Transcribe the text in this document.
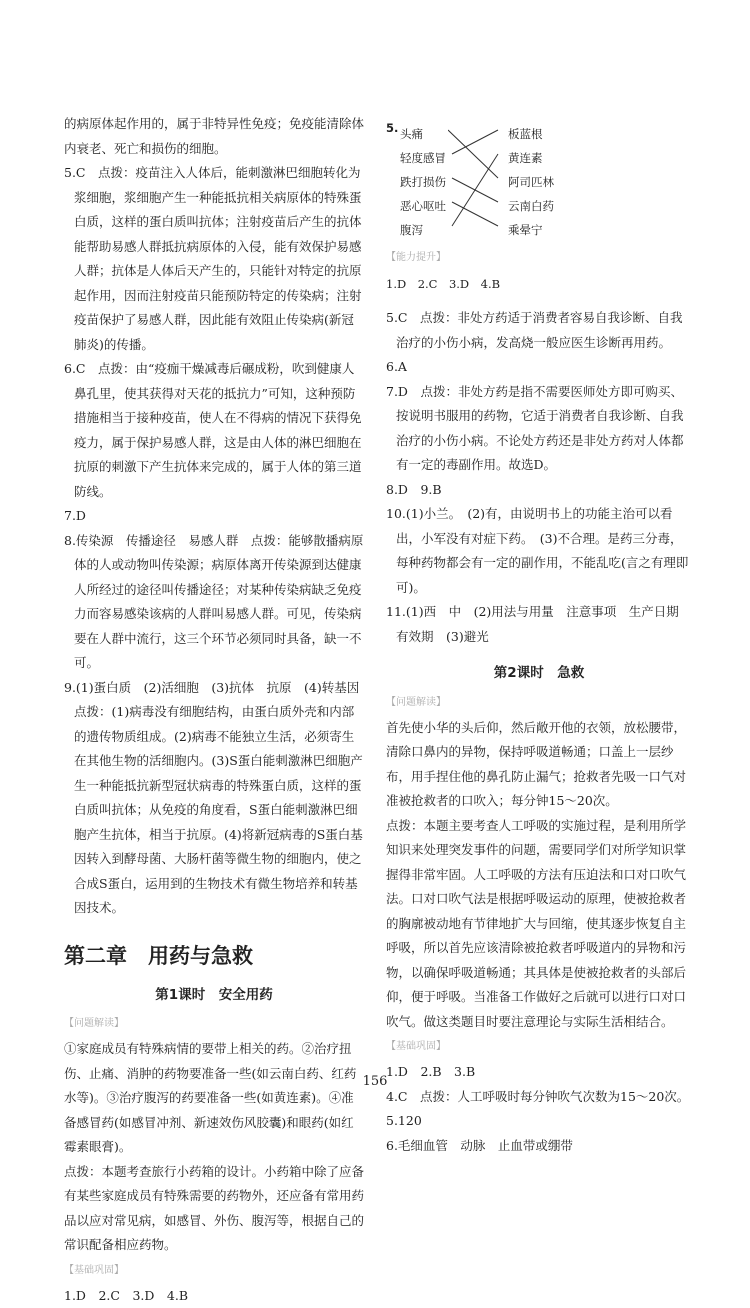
的病原体起作用的，属于非特异性免疫；免疫能清除体内衰老、死亡和损伤的细胞。

5.C　点拨：疫苗注入人体后，能刺激淋巴细胞转化为浆细胞，浆细胞产生一种能抵抗相关病原体的特殊蛋白质，这样的蛋白质叫抗体；注射疫苗后产生的抗体能帮助易感人群抵抗病原体的入侵，能有效保护易感人群；抗体是人体后天产生的，只能针对特定的抗原起作用，因而注射疫苗只能预防特定的传染病；注射疫苗保护了易感人群，因此能有效阻止传染病(新冠肺炎)的传播。

6.C　点拨：由“疫痂干燥减毒后碾成粉，吹到健康人鼻孔里，使其获得对天花的抵抗力”可知，这种预防措施相当于接种疫苗，使人在不得病的情况下获得免疫力，属于保护易感人群，这是由人体的淋巴细胞在抗原的刺激下产生抗体来完成的，属于人体的第三道防线。

7.D

8.传染源　传播途径　易感人群　点拨：能够散播病原体的人或动物叫传染源；病原体离开传染源到达健康人所经过的途径叫传播途径；对某种传染病缺乏免疫力而容易感染该病的人群叫易感人群。可见，传染病要在人群中流行，这三个环节必须同时具备，缺一不可。

9.(1)蛋白质　(2)活细胞　(3)抗体　抗原　(4)转基因　点拨：(1)病毒没有细胞结构，由蛋白质外壳和内部的遗传物质组成。(2)病毒不能独立生活，必须寄生在其他生物的活细胞内。(3)S蛋白能刺激淋巴细胞产生一种能抵抗新型冠状病毒的特殊蛋白质，这样的蛋白质叫抗体；从免疫的角度看，S蛋白能刺激淋巴细胞产生抗体，相当于抗原。(4)将新冠病毒的S蛋白基因转入到酵母菌、大肠杆菌等微生物的细胞内，使之合成S蛋白，运用到的生物技术有微生物培养和转基因技术。

第二章　用药与急救
第1课时　安全用药
【问题解读】

①家庭成员有特殊病情的要带上相关的药。②治疗扭伤、止痛、消肿的药物要准备一些(如云南白药、红药水等)。③治疗腹泻的药要准备一些(如黄连素)。④准备感冒药(如感冒冲剂、新速效伤风胶囊)和眼药(如红霉素眼膏)。

点拨：本题考查旅行小药箱的设计。小药箱中除了应备有某些家庭成员有特殊需要的药物外，还应备有常用药品以应对常见病，如感冒、外伤、腹泻等，根据自己的常识配备相应药物。

【基础巩固】

1.D　2.C　3.D　4.B

5. 头痛
轻度感冒
跌打损伤
恶心呕吐
腹泻
板蓝根
黄连素
阿司匹林
云南白药
乘晕宁
【能力提升】
1.D　2.C　3.D　4.B

5.C　点拨：非处方药适于消费者容易自我诊断、自我治疗的小伤小病，发高烧一般应医生诊断再用药。

6.A

7.D　点拨：非处方药是指不需要医师处方即可购买、按说明书服用的药物，它适于消费者自我诊断、自我治疗的小伤小病。不论处方药还是非处方药对人体都有一定的毒副作用。故选D。

8.D　9.B

10.(1)小兰。　(2)有，由说明书上的功能主治可以看出，小军没有对症下药。　(3)不合理。是药三分毒，每种药物都会有一定的副作用，不能乱吃(言之有理即可)。

11.(1)西　中　(2)用法与用量　注意事项　生产日期　有效期　(3)避光

第2课时　急救
【问题解读】

首先使小华的头后仰，然后敞开他的衣领，放松腰带，清除口鼻内的异物，保持呼吸道畅通；口盖上一层纱布，用手捏住他的鼻孔防止漏气；抢救者先吸一口气对准被抢救者的口吹入；每分钟15～20次。

点拨：本题主要考查人工呼吸的实施过程，是利用所学知识来处理突发事件的问题，需要同学们对所学知识掌握得非常牢固。人工呼吸的方法有压迫法和口对口吹气法。口对口吹气法是根据呼吸运动的原理，使被抢救者的胸廓被动地有节律地扩大与回缩，使其逐步恢复自主呼吸，所以首先应该清除被抢救者呼吸道内的异物和污物，以确保呼吸道畅通；其具体是使被抢救者的头部后仰，便于呼吸。当准备工作做好之后就可以进行口对口吹气。做这类题目时要注意理论与实际生活相结合。

【基础巩固】

1.D　2.B　3.B

4.C　点拨：人工呼吸时每分钟吹气次数为15～20次。

5.120

6.毛细血管　动脉　止血带或绷带

156
